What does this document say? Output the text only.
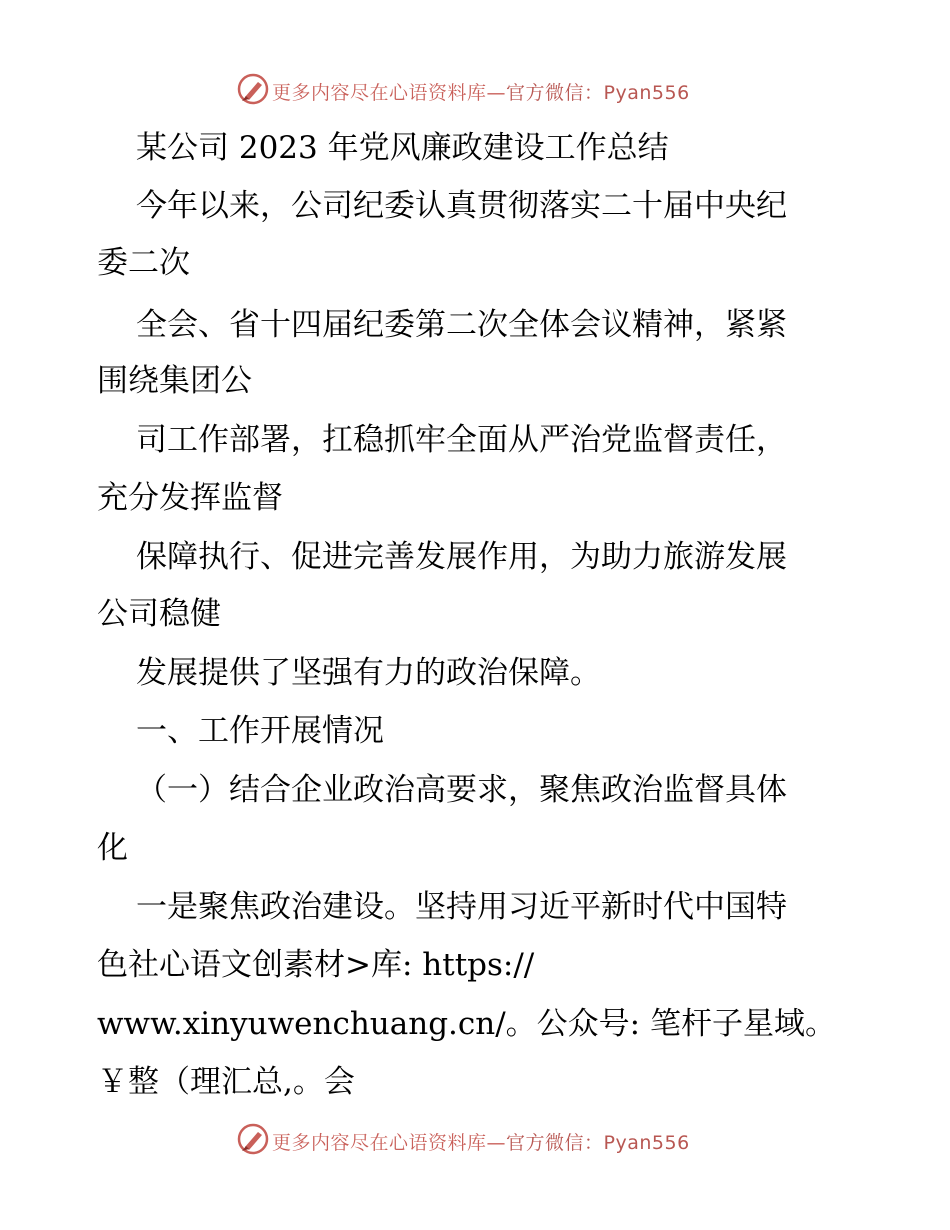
更多内容尽在心语资料库—官方微信：Pyan556
某公司 2023 年党风廉政建设工作总结
今年以来，公司纪委认真贯彻落实二十届中央纪
委二次
全会、省十四届纪委第二次全体会议精神，紧紧
围绕集团公
司工作部署，扛稳抓牢全面从严治党监督责任，
充分发挥监督
保障执行、促进完善发展作用，为助力旅游发展
公司稳健
发展提供了坚强有力的政治保障。
一、工作开展情况
（一）结合企业政治高要求，聚焦政治监督具体
化
一是聚焦政治建设。坚持用习近平新时代中国特
色社心语文创素材>库: https://
www.xinyuwenchuang.cn/。公众号: 笔杆子星域。
￥整（理汇总,。会
更多内容尽在心语资料库—官方微信：Pyan556
